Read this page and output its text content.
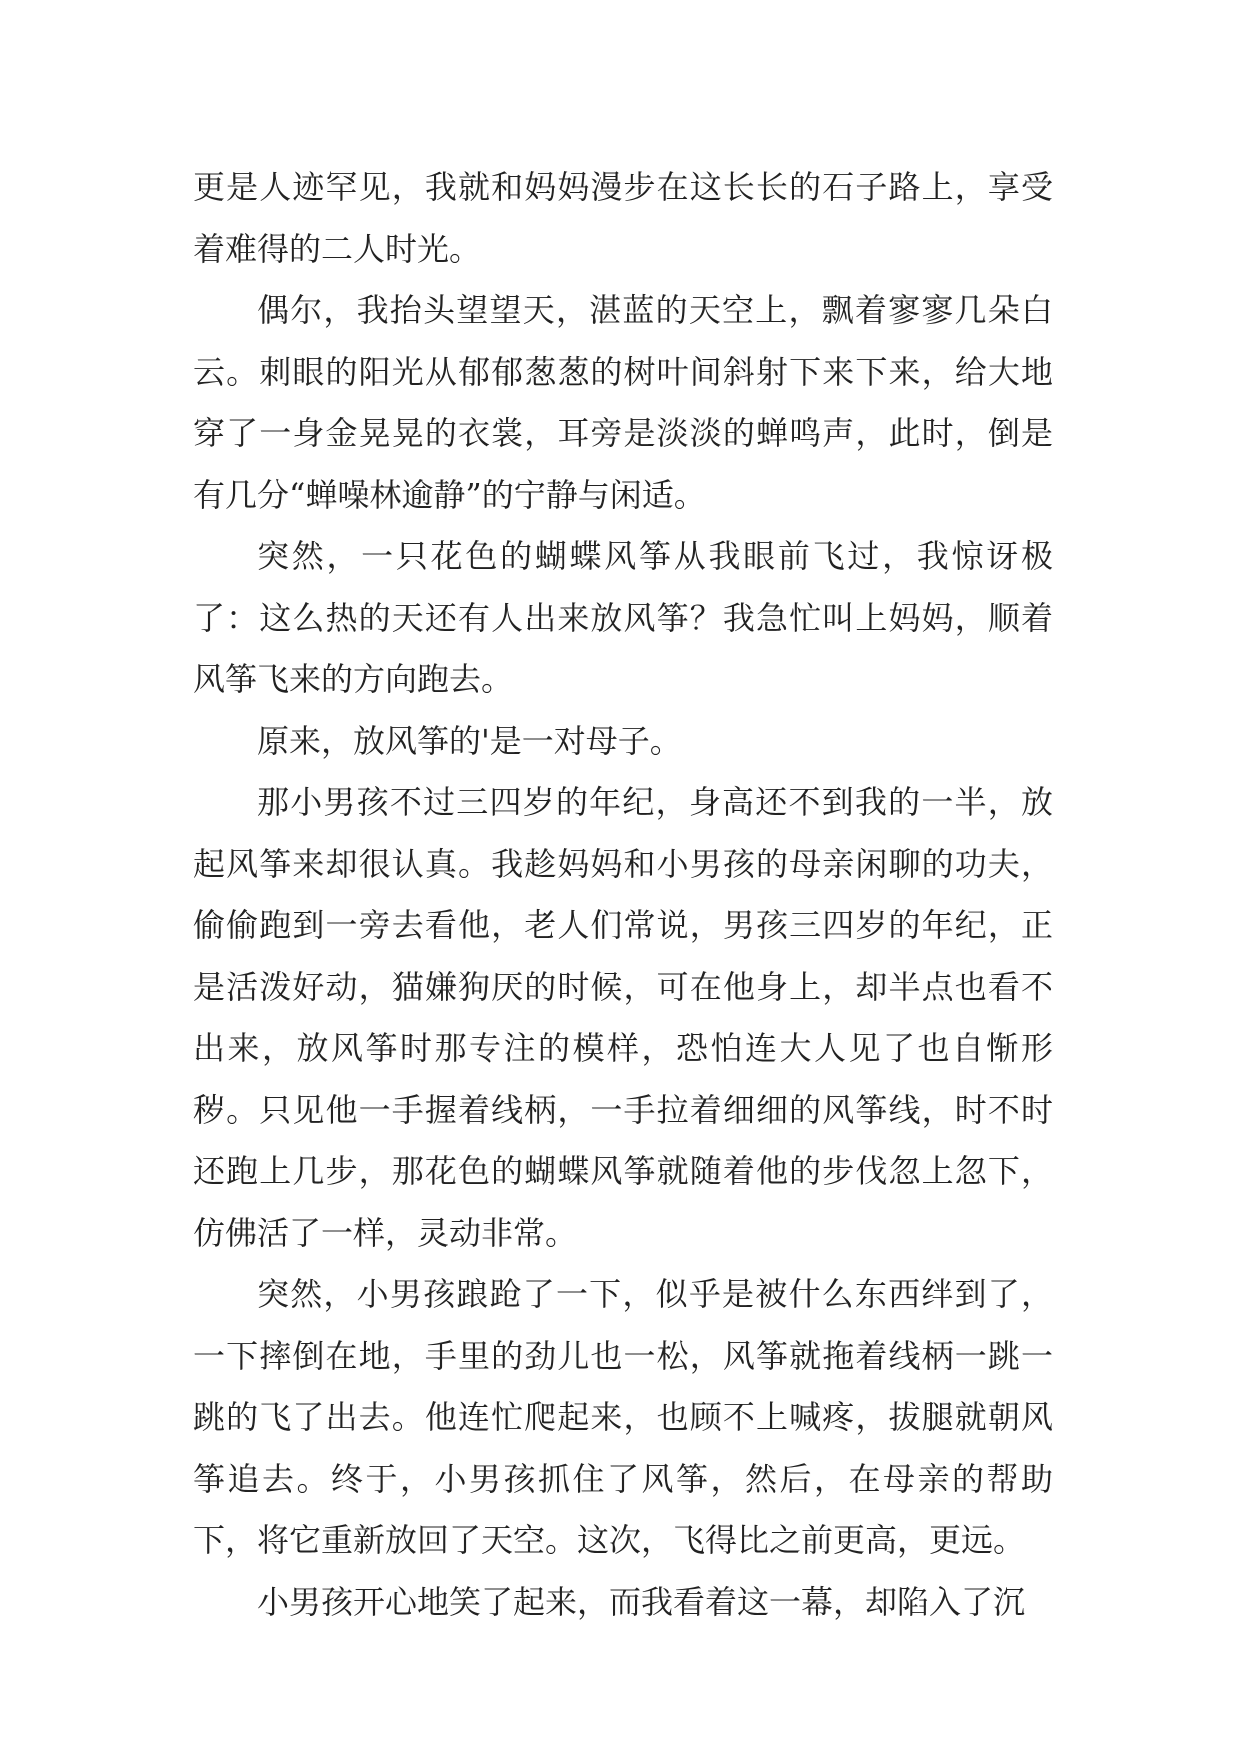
更是人迹罕见，我就和妈妈漫步在这长长的石子路上，享受着难得的二人时光。

偶尔，我抬头望望天，湛蓝的天空上，飘着寥寥几朵白云。刺眼的阳光从郁郁葱葱的树叶间斜射下来下来，给大地穿了一身金晃晃的衣裳，耳旁是淡淡的蝉鸣声，此时，倒是有几分“蝉噪林逾静”的宁静与闲适。

突然，一只花色的蝴蝶风筝从我眼前飞过，我惊讶极了：这么热的天还有人出来放风筝？我急忙叫上妈妈，顺着风筝飞来的方向跑去。

原来，放风筝的'是一对母子。

那小男孩不过三四岁的年纪，身高还不到我的一半，放起风筝来却很认真。我趁妈妈和小男孩的母亲闲聊的功夫，偷偷跑到一旁去看他，老人们常说，男孩三四岁的年纪，正是活泼好动，猫嫌狗厌的时候，可在他身上，却半点也看不出来，放风筝时那专注的模样，恐怕连大人见了也自惭形秽。只见他一手握着线柄，一手拉着细细的风筝线，时不时还跑上几步，那花色的蝴蝶风筝就随着他的步伐忽上忽下，仿佛活了一样，灵动非常。

突然，小男孩踉跄了一下，似乎是被什么东西绊到了，一下摔倒在地，手里的劲儿也一松，风筝就拖着线柄一跳一跳的飞了出去。他连忙爬起来，也顾不上喊疼，拔腿就朝风筝追去。终于，小男孩抓住了风筝，然后，在母亲的帮助下，将它重新放回了天空。这次，飞得比之前更高，更远。

小男孩开心地笑了起来，而我看着这一幕，却陷入了沉
